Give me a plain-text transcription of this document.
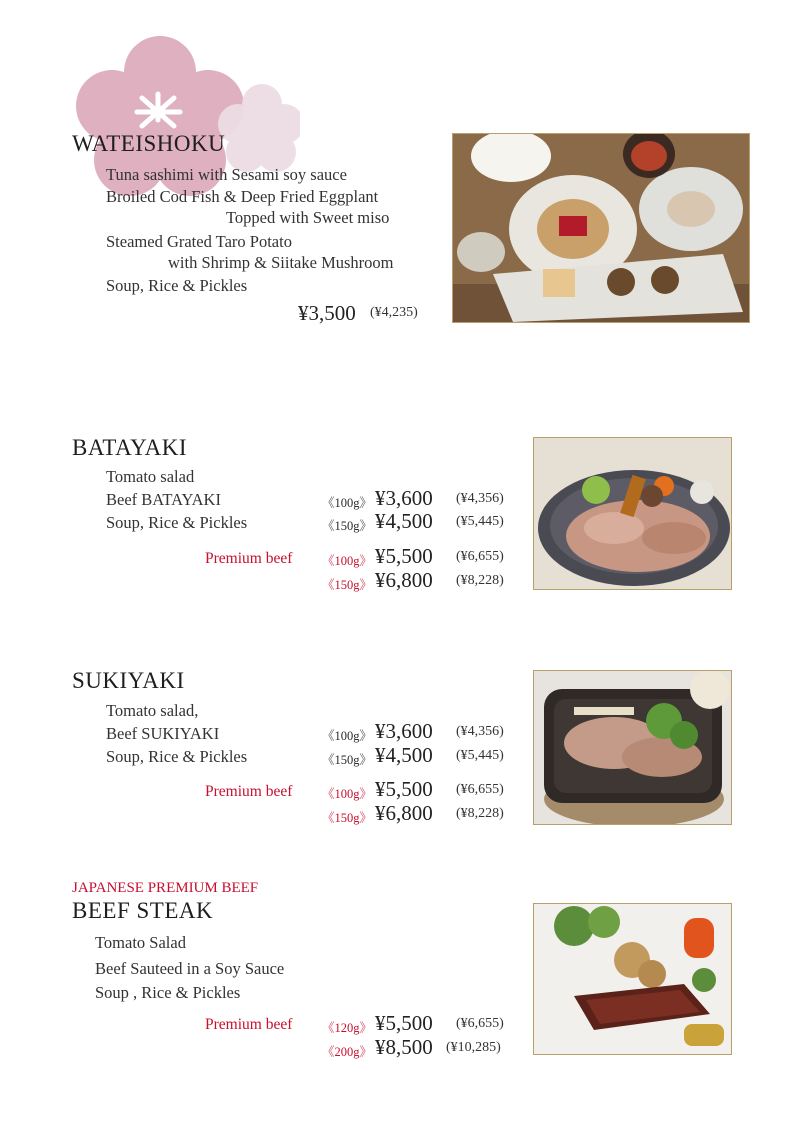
WATEISHOKU
Tuna sashimi with Sesami soy sauce
Broiled Cod Fish & Deep Fried Eggplant
Topped with Sweet miso
Steamed Grated Taro Potato
with Shrimp & Siitake Mushroom
Soup, Rice & Pickles
¥3,500 (¥4,235)
BATAYAKI
Tomato salad
Beef BATAYAKI
Soup, Rice & Pickles
《100g》 ¥3,600 (¥4,356)
《150g》 ¥4,500 (¥5,445)
Premium beef 《100g》 ¥5,500 (¥6,655)
《150g》 ¥6,800 (¥8,228)
SUKIYAKI
Tomato salad,
Beef SUKIYAKI
Soup, Rice & Pickles
《100g》 ¥3,600 (¥4,356)
《150g》 ¥4,500 (¥5,445)
Premium beef 《100g》 ¥5,500 (¥6,655)
《150g》 ¥6,800 (¥8,228)
JAPANESE PREMIUM BEEF
BEEF STEAK
Tomato Salad
Beef Sauteed in a Soy Sauce
Soup , Rice & Pickles
Premium beef 《120g》 ¥5,500 (¥6,655)
《200g》 ¥8,500 (¥10,285)
